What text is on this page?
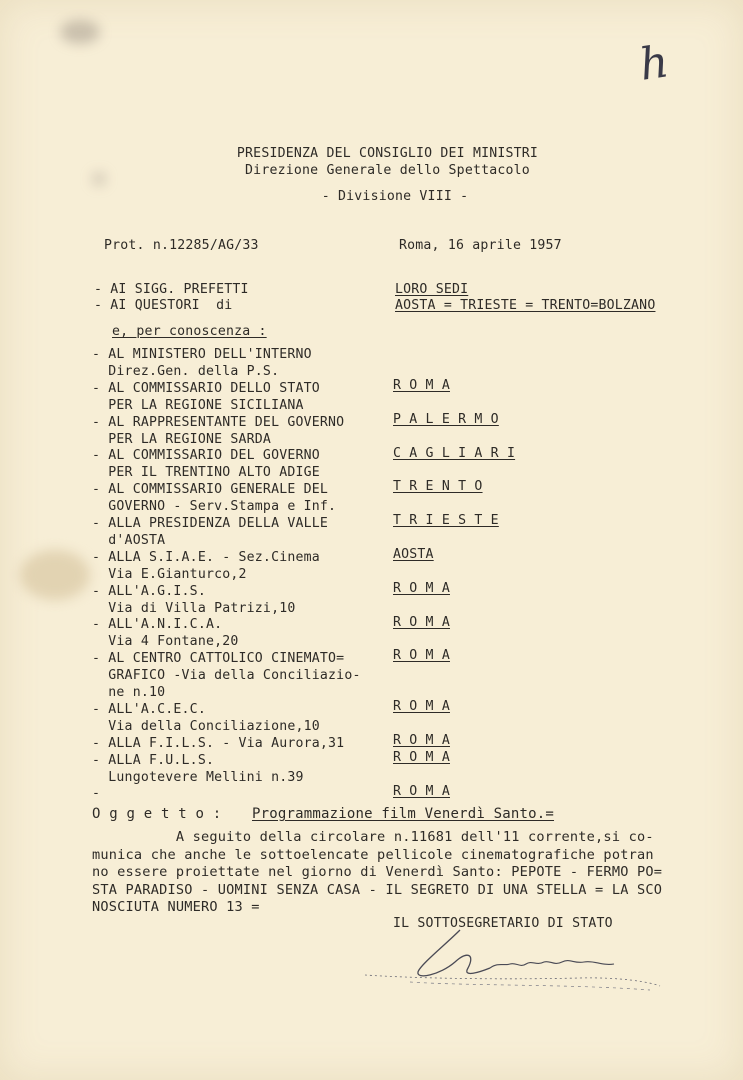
h
PRESIDENZA DEL CONSIGLIO DEI MINISTRI
Direzione Generale dello Spettacolo
- Divisione VIII -
Prot. n.12285/AG/33	Roma, 16 aprile 1957
- AI SIGG. PREFETTI	LORO SEDI
- AI QUESTORI  di	AOSTA = TRIESTE = TRENTO=BOLZANO
e, per conoscenza :
- AL MINISTERO DELL'INTERNO
Direz.Gen. della P.S.
R O M A
- AL COMMISSARIO DELLO STATO
PER LA REGIONE SICILIANA
P A L E R M O
- AL RAPPRESENTANTE DEL GOVERNO
PER LA REGIONE SARDA
C A G L I A R I
- AL COMMISSARIO DEL GOVERNO
PER IL TRENTINO ALTO ADIGE
T R E N T O
- AL COMMISSARIO GENERALE DEL
GOVERNO - Serv.Stampa e Inf.
T R I E S T E
- ALLA PRESIDENZA DELLA VALLE
d'AOSTA
AOSTA
- ALLA S.I.A.E. - Sez.Cinema
Via E.Gianturco,2
R O M A
- ALL'A.G.I.S.
Via di Villa Patrizi,10
R O M A
- ALL'A.N.I.C.A.
Via 4 Fontane,20
R O M A
- AL CENTRO CATTOLICO CINEMATO=
GRAFICO -Via della Conciliazio-
ne n.10
R O M A
- ALL'A.C.E.C.
Via della Conciliazione,10
R O M A
- ALLA F.I.L.S. - Via Aurora,31
R O M A
- ALLA F.U.L.S.
Lungotevere Mellini n.39
R O M A
-
O g g e t t o : Programmazione film Venerdì Santo.=
A seguito della circolare n.11681 dell'11 corrente,si co-
munica che anche le sottoelencate pellicole cinematografiche potran
no essere proiettate nel giorno di Venerdì Santo: PEPOTE - FERMO PO=
STA PARADISO - UOMINI SENZA CASA - IL SEGRETO DI UNA STELLA = LA SCO
NOSCIUTA NUMERO 13 =
IL SOTTOSEGRETARIO DI STATO
